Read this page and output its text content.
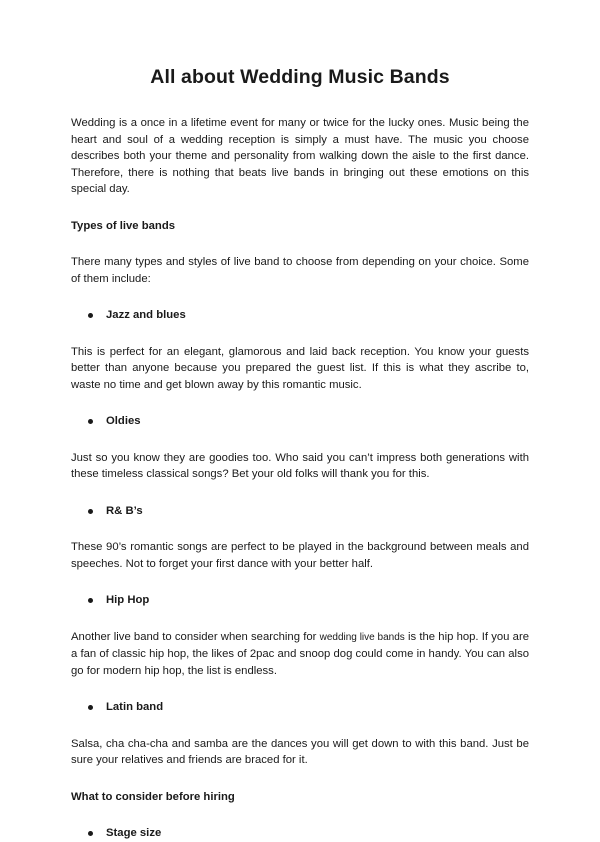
All about Wedding Music Bands

Wedding is a once in a lifetime event for many or twice for the lucky ones. Music being the heart and soul of a wedding reception is simply a must have. The music you choose describes both your theme and personality from walking down the aisle to the first dance. Therefore, there is nothing that beats live bands in bringing out these emotions on this special day.

Types of live bands

There many types and styles of live band to choose from depending on your choice. Some of them include:

Jazz and blues

This is perfect for an elegant, glamorous and laid back reception. You know your guests better than anyone because you prepared the guest list. If this is what they ascribe to, waste no time and get blown away by this romantic music.

Oldies

Just so you know they are goodies too. Who said you can’t impress both generations with these timeless classical songs? Bet your old folks will thank you for this.

R& B’s

These 90’s romantic songs are perfect to be played in the background between meals and speeches. Not to forget your first dance with your better half.

Hip Hop

Another live band to consider when searching for wedding live bands is the hip hop. If you are a fan of classic hip hop, the likes of 2pac and snoop dog could come in handy. You can also go for modern hip hop, the list is endless.

Latin band

Salsa, cha cha-cha and samba are the dances you will get down to with this band. Just be sure your relatives and friends are braced for it.

What to consider before hiring
Stage size
